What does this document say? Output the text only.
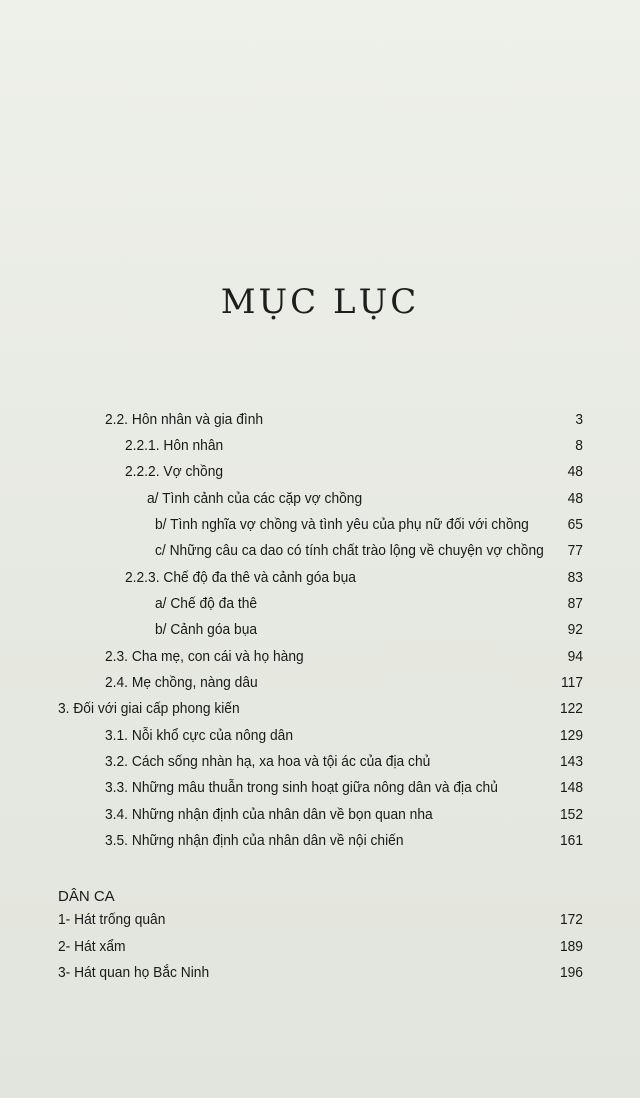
MỤC LỤC
2.2. Hôn nhân và gia đình	3
2.2.1. Hôn nhân	8
2.2.2. Vợ chồng	48
a/ Tình cảnh của các cặp vợ chồng	48
b/ Tình nghĩa vợ chồng và tình yêu của phụ nữ đối với chồng	65
c/ Những câu ca dao có tính chất trào lộng về chuyện vợ chồng	77
2.2.3. Chế độ đa thê và cảnh góa bụa	83
a/ Chế độ đa thê	87
b/ Cảnh góa bụa	92
2.3. Cha mẹ, con cái và họ hàng	94
2.4. Mẹ chồng, nàng dâu	117
3. Đối với giai cấp phong kiến	122
3.1. Nỗi khổ cực của nông dân	129
3.2. Cách sống nhàn hạ, xa hoa và tội ác của địa chủ	143
3.3. Những mâu thuẫn trong sinh hoạt giữa nông dân và địa chủ	148
3.4. Những nhận định của nhân dân về bọn quan nha	152
3.5. Những nhận định của nhân dân về nội chiến	161
DÂN CA
1- Hát trống quân	172
2- Hát xẩm	189
3- Hát quan họ Bắc Ninh	196
